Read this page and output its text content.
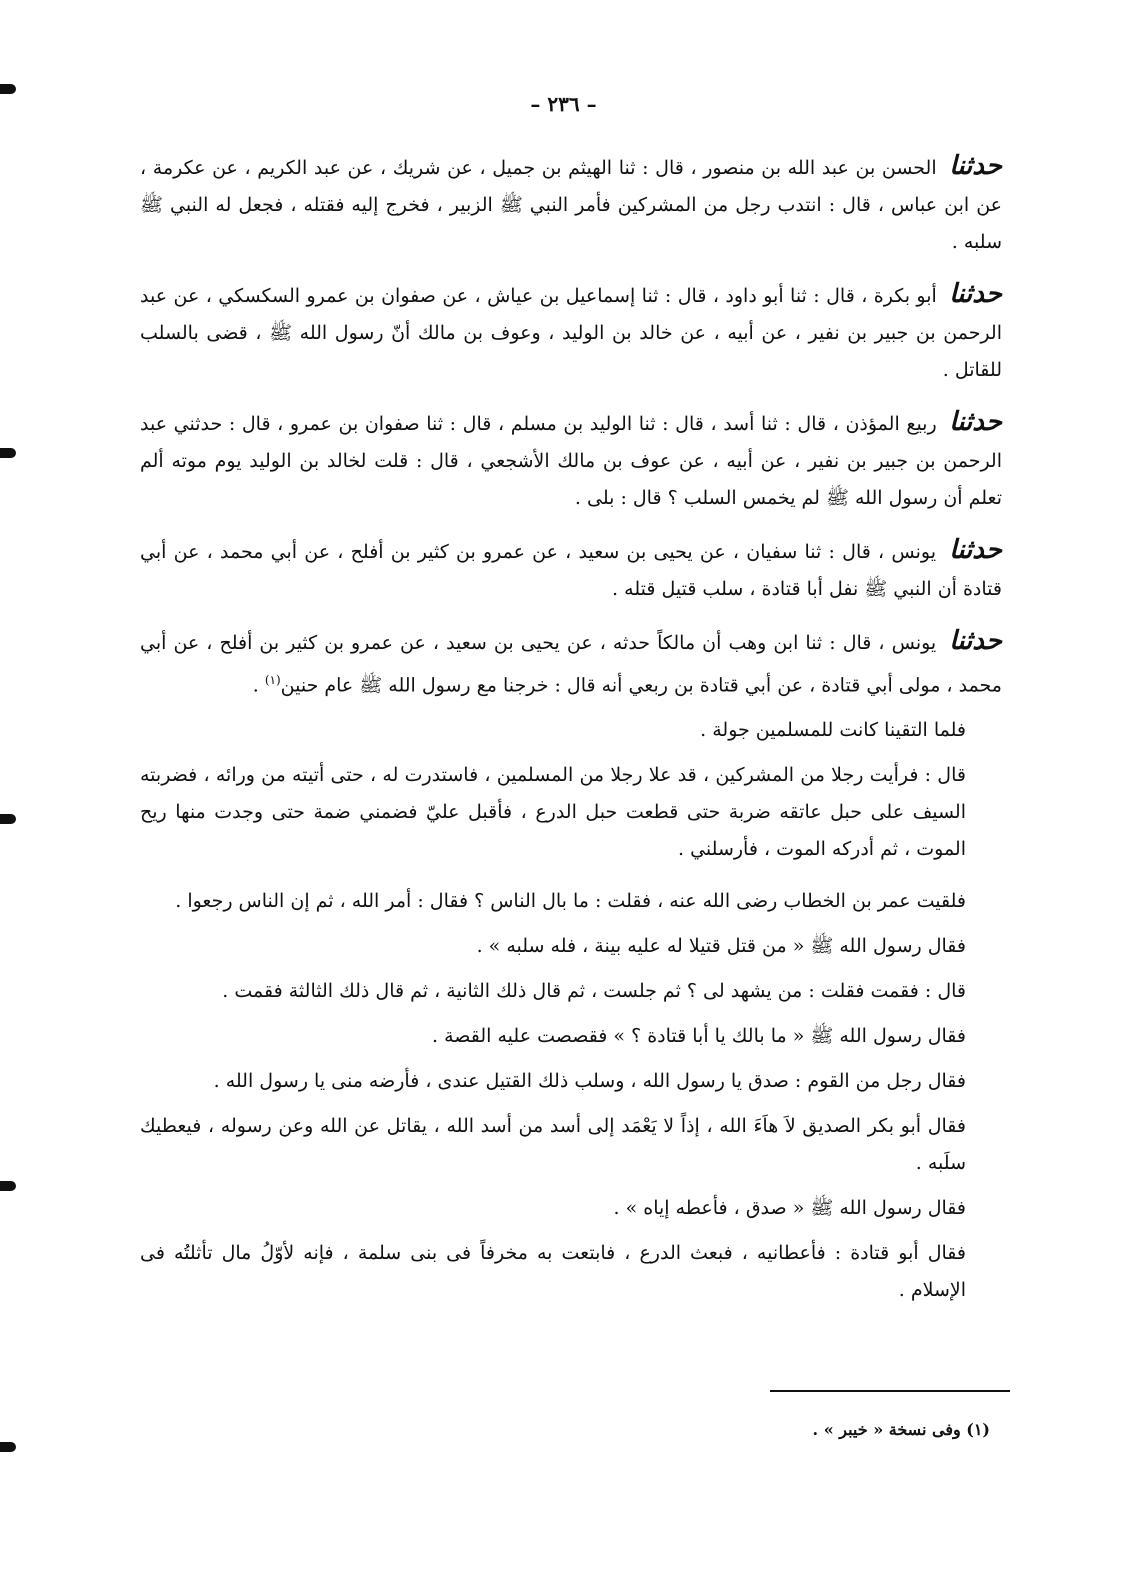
– ٢٣٦ –

حدثنا الحسن بن عبد الله بن منصور ، قال : ثنا الهيثم بن جميل ، عن شريك ، عن عبد الكريم ، عن عكرمة ، عن ابن عباس ، قال : انتدب رجل من المشركين فأمر النبي ﷺ الزبير ، فخرج إليه فقتله ، فجعل له النبي ﷺ سلبه .

حدثنا أبو بكرة ، قال : ثنا أبو داود ، قال : ثنا إسماعيل بن عياش ، عن صفوان بن عمرو السكسكي ، عن عبد الرحمن بن جبير بن نفير ، عن أبيه ، عن خالد بن الوليد ، وعوف بن مالك أنّ رسول الله ﷺ ، قضى بالسلب للقاتل .

حدثنا ربيع المؤذن ، قال : ثنا أسد ، قال : ثنا الوليد بن مسلم ، قال : ثنا صفوان بن عمرو ، قال : حدثني عبد الرحمن بن جبير بن نفير ، عن أبيه ، عن عوف بن مالك الأشجعي ، قال : قلت لخالد بن الوليد يوم موته ألم تعلم أن رسول الله ﷺ لم يخمس السلب ؟ قال : بلى .

حدثنا يونس ، قال : ثنا سفيان ، عن يحيى بن سعيد ، عن عمرو بن كثير بن أفلح ، عن أبي محمد ، عن أبي قتادة أن النبي ﷺ نفل أبا قتادة ، سلب قتيل قتله .

حدثنا يونس ، قال : ثنا ابن وهب أن مالكاً حدثه ، عن يحيى بن سعيد ، عن عمرو بن كثير بن أفلح ، عن أبي محمد ، مولى أبي قتادة ، عن أبي قتادة بن ربعي أنه قال : خرجنا مع رسول الله ﷺ عام حنين$^{(١)}$ .

فلما التقينا كانت للمسلمين جولة .

قال : فرأيت رجلا من المشركين ، قد علا رجلا من المسلمين ، فاستدرت له ، حتى أتيته من ورائه ، فضربته السيف على حبل عاتقه ضربة حتى قطعت حبل الدرع ، فأقبل عليّ فضمني ضمة حتى وجدت منها ريح الموت ، ثم أدركه الموت ، فأرسلني .

فلقيت عمر بن الخطاب رضى الله عنه ، فقلت : ما بال الناس ؟ فقال : أمر الله ، ثم إن الناس رجعوا .

فقال رسول الله ﷺ « من قتل قتيلا له عليه بينة ، فله سلبه » .

قال : فقمت فقلت : من يشهد لى ؟ ثم جلست ، ثم قال ذلك الثانية ، ثم قال ذلك الثالثة فقمت .

فقال رسول الله ﷺ « ما بالك يا أبا قتادة ؟ » فقصصت عليه القصة .

فقال رجل من القوم : صدق يا رسول الله ، وسلب ذلك القتيل عندى ، فأرضه منى يا رسول الله .

فقال أبو بكر الصديق لاَ هاَءَ الله ، إذاً لا يَعْمَد إلى أسد من أسد الله ، يقاتل عن الله وعن رسوله ، فيعطيك سلَبه .

فقال رسول الله ﷺ « صدق ، فأعطه إياه » .

فقال أبو قتادة : فأعطانيه ، فبعث الدرع ، فابتعت به مخرفاً فى بنى سلمة ، فإنه لأوّلُ مال تأثلتُه فى الإسلام .

(١) وفى نسخة « خيبر » .
